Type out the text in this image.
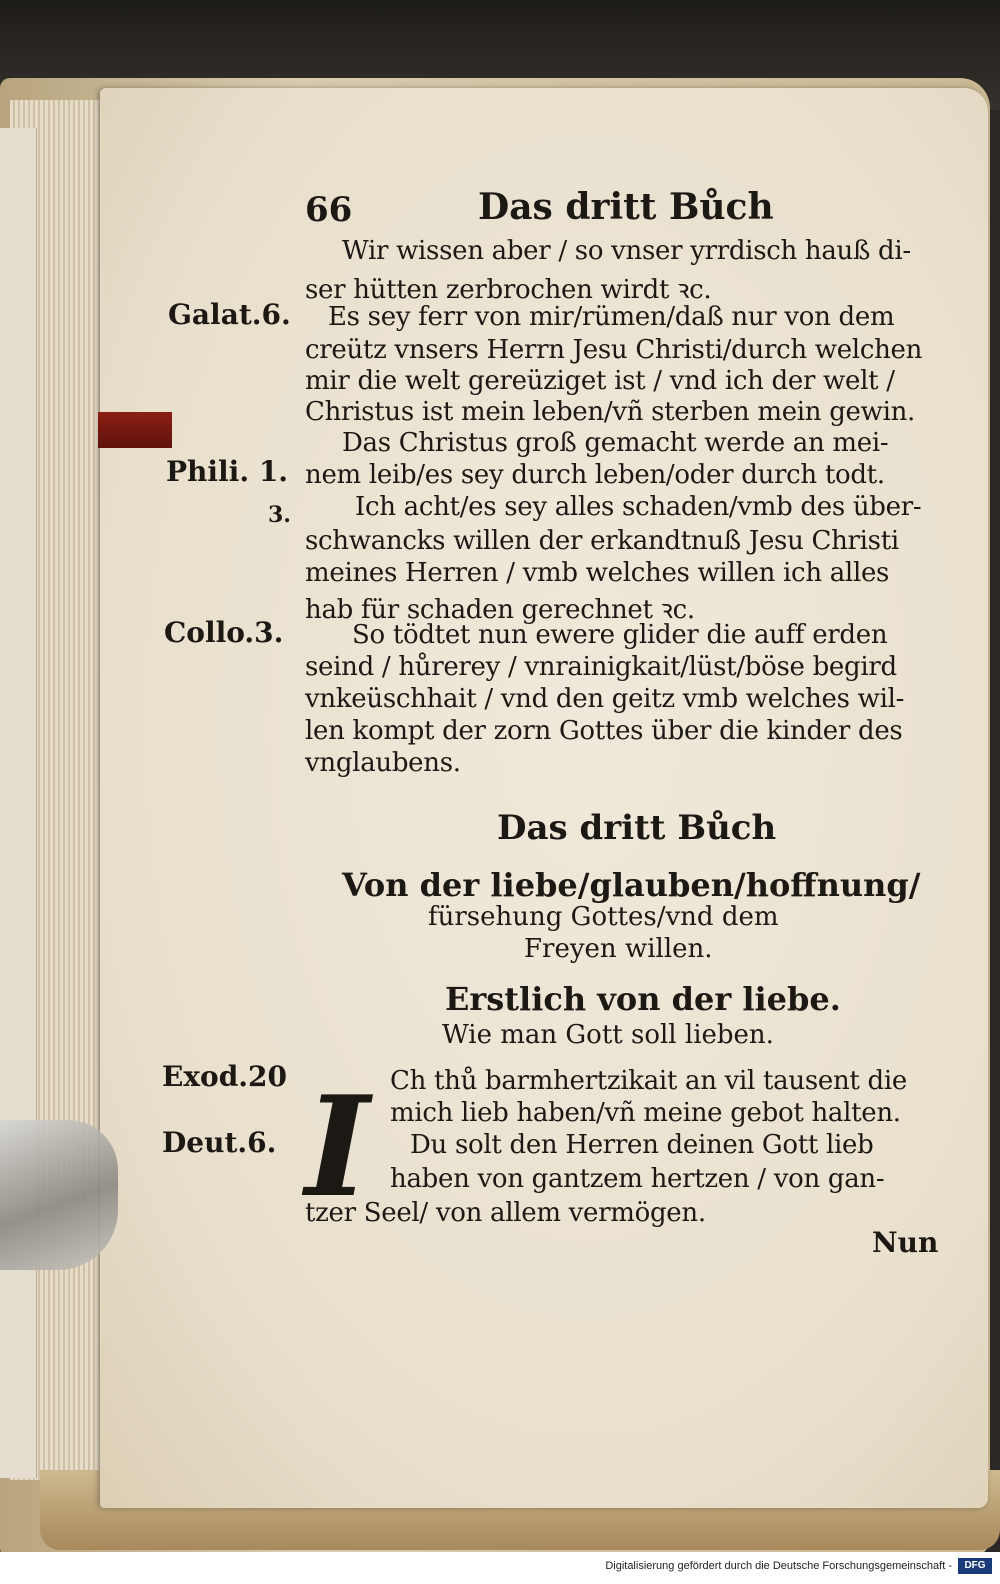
66	Das dritt Bůch
Wir wissen aber / so vnser yrrdisch hauß di-
ser hütten zerbrochen wirdt ꝛc.
Galat.6. Es sey ferr von mir/rümen/daß nur von dem
creütz vnsers Herrn Jesu Christi/durch welchen
mir die welt gereüziget ist / vnd ich der welt /
Christus ist mein leben/vñ sterben mein gewin.
Das Christus groß gemacht werde an mei-
Phili. 1. nem leib/es sey durch leben/oder durch todt.
3. Ich acht/es sey alles schaden/vmb des über-
schwancks willen der erkandtnuß Jesu Christi
meines Herren / vmb welches willen ich alles
hab für schaden gerechnet ꝛc.
Collo.3.	So tödtet nun ewere glider die auff erden
seind / hůrerey / vnrainigkait/lüst/böse begird
vnkeüschhait / vnd den geitz vmb welches wil-
len kompt der zorn Gottes über die kinder des
vnglaubens.
Das dritt Bůch
Von der liebe/glauben/hoffnung/
fürsehung Gottes/vnd dem
Freyen willen.
Erstlich von der liebe.
Wie man Gott soll lieben.
Exod.20
Deut.6. I Ch thů barmhertzikait an vil tausent die
mich lieb haben/vñ meine gebot halten.
Du solt den Herren deinen Gott lieb
haben von gantzem hertzen / von gan-
tzer Seel/ von allem vermögen.
Nun
Digitalisierung gefördert durch die Deutsche Forschungsgemeinschaft -	DFG
